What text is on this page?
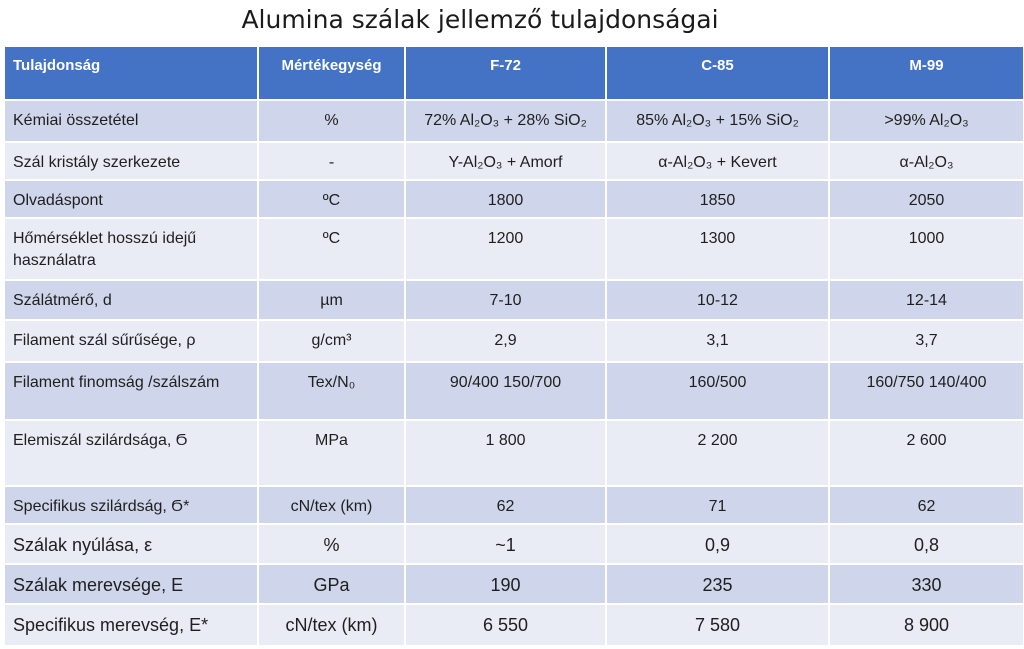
Alumina szálak jellemző tulajdonságai
Tulajdonság	Mértékegység	F-72	C-85	M-99
Kémiai összetétel	%	72% Al₂O₃ + 28% SiO₂	85% Al₂O₃ + 15% SiO₂	>99% Al₂O₃
Szál kristály szerkezete	-	Y-Al₂O₃ + Amorf	α-Al₂O₃ + Kevert	α-Al₂O₃
Olvadáspont	ºC	1800	1850	2050
Hőmérséklet hosszú idejű használatra	ºC	1200	1300	1000
Szálátmérő, d	µm	7-10	10-12	12-14
Filament szál sűrűsége, ρ	g/cm³	2,9	3,1	3,7
Filament finomság /szálszám	Tex/N₀	90/400 150/700	160/500	160/750 140/400
Elemiszál szilárdsága, Ϭ	MPa	1 800	2 200	2 600
Specifikus szilárdság, Ϭ*	cN/tex (km)	62	71	62
Szálak nyúlása, ε	%	~1	0,9	0,8
Szálak merevsége, E	GPa	190	235	330
Specifikus merevség, E*	cN/tex (km)	6 550	7 580	8 900
